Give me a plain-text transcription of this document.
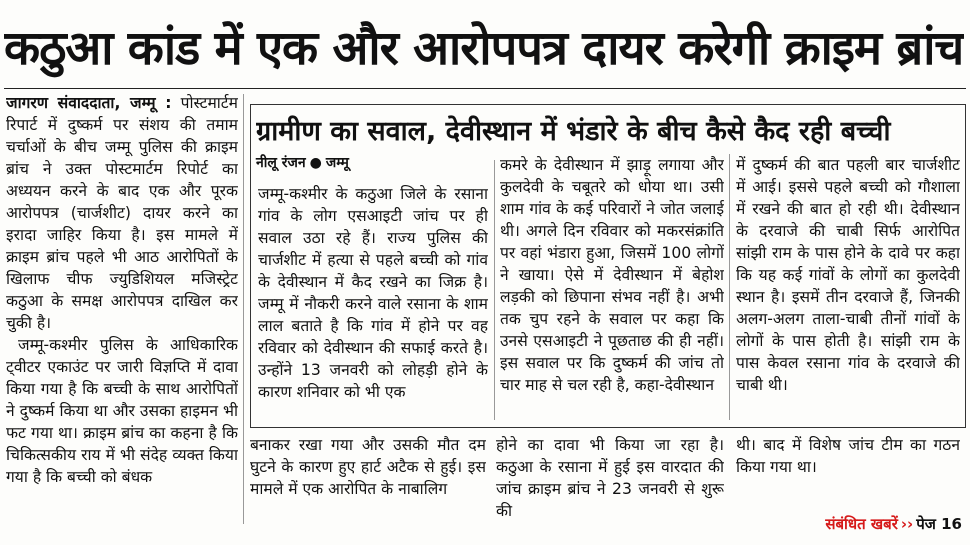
कठुआ कांड में एक और आरोपपत्र दायर करेगी क्राइम ब्रांच

जागरण संवाददाता, जम्मू : पोस्टमार्टम रिपार्ट में दुष्कर्म पर संशय की तमाम चर्चाओं के बीच जम्मू पुलिस की क्राइम ब्रांच ने उक्त पोस्टमार्टम रिपोर्ट का अध्ययन करने के बाद एक और पूरक आरोपपत्र (चार्जशीट) दायर करने का इरादा जाहिर किया है। इस मामले में क्राइम ब्रांच पहले भी आठ आरोपितों के खिलाफ चीफ ज्युडिशियल मजिस्ट्रेट कठुआ के समक्ष आरोपपत्र दाखिल कर चुकी है।

जम्मू-कश्मीर पुलिस के आधिकारिक ट्वीटर एकाउंट पर जारी विज्ञप्ति में दावा किया गया है कि बच्ची के साथ आरोपितों ने दुष्कर्म किया था और उसका हाइमन भी फट गया था। क्राइम ब्रांच का कहना है कि चिकित्सकीय राय में भी संदेह व्यक्त किया गया है कि बच्ची को बंधक

ग्रामीण का सवाल, देवीस्थान में भंडारे के बीच कैसे कैद रही बच्ची
नीलू रंजन ● जम्मू
जम्मू-कश्मीर के कठुआ जिले के रसाना गांव के लोग एसआइटी जांच पर ही सवाल उठा रहे हैं। राज्य पुलिस की चार्जशीट में हत्या से पहले बच्ची को गांव के देवीस्थान में कैद रखने का जिक्र है। जम्मू में नौकरी करने वाले रसाना के शाम लाल बताते है कि गांव में होने पर वह रविवार को देवीस्थान की सफाई करते है। उन्होंने 13 जनवरी को लोहड़ी होने के कारण शनिवार को भी एक
कमरे के देवीस्थान में झाड़ू लगाया और कुलदेवी के चबूतरे को धोया था। उसी शाम गांव के कई परिवारों ने जोत जलाई थी। अगले दिन रविवार को मकरसंक्रांति पर वहां भंडारा हुआ, जिसमें 100 लोगों ने खाया। ऐसे में देवीस्थान में बेहोश लड़की को छिपाना संभव नहीं है। अभी तक चुप रहने के सवाल पर कहा कि उनसे एसआइटी ने पूछताछ की ही नहीं। इस सवाल पर कि दुष्कर्म की जांच तो चार माह से चल रही है, कहा-देवीस्थान
में दुष्कर्म की बात पहली बार चार्जशीट में आई। इससे पहले बच्ची को गौशाला में रखने की बात हो रही थी। देवीस्थान के दरवाजे की चाबी सिर्फ आरोपित सांझी राम के पास होने के दावे पर कहा कि यह कई गांवों के लोगों का कुलदेवी स्थान है। इसमें तीन दरवाजे हैं, जिनकी अलग-अलग ताला-चाबी तीनों गांवों के लोगों के पास होती है। सांझी राम के पास केवल रसाना गांव के दरवाजे की चाबी थी।
बनाकर रखा गया और उसकी मौत दम घुटने के कारण हुए हार्ट अटैक से हुई। इस मामले में एक आरोपित के नाबालिग
होने का दावा भी किया जा रहा है। कठुआ के रसाना में हुई इस वारदात की जांच क्राइम ब्रांच ने 23 जनवरी से शुरू की
थी। बाद में विशेष जांच टीम का गठन किया गया था।
संबंधित खबरें ›› पेज 16
